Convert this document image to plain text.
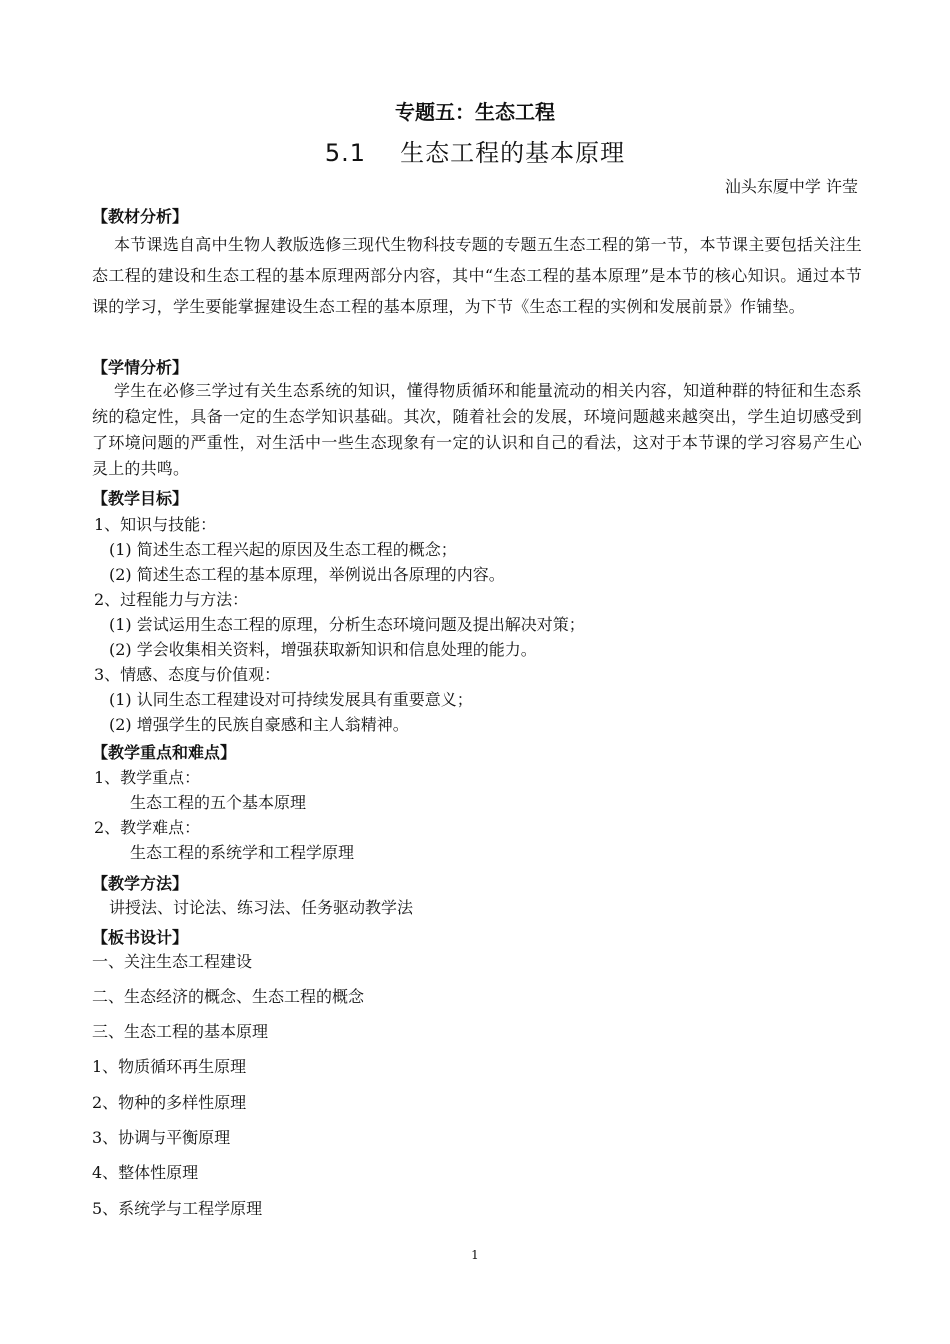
专题五：生态工程
5.1 生态工程的基本原理
汕头东厦中学 许莹
【教材分析】
本节课选自高中生物人教版选修三现代生物科技专题的专题五生态工程的第一节，本节课主要包括关注生态工程的建设和生态工程的基本原理两部分内容，其中“生态工程的基本原理”是本节的核心知识。通过本节课的学习，学生要能掌握建设生态工程的基本原理，为下节《生态工程的实例和发展前景》作铺垫。
【学情分析】
学生在必修三学过有关生态系统的知识，懂得物质循环和能量流动的相关内容，知道种群的特征和生态系统的稳定性，具备一定的生态学知识基础。其次，随着社会的发展，环境问题越来越突出，学生迫切感受到了环境问题的严重性，对生活中一些生态现象有一定的认识和自己的看法，这对于本节课的学习容易产生心灵上的共鸣。
【教学目标】
1、知识与技能：
(1) 简述生态工程兴起的原因及生态工程的概念；
(2) 简述生态工程的基本原理，举例说出各原理的内容。
2、过程能力与方法：
(1) 尝试运用生态工程的原理，分析生态环境问题及提出解决对策；
(2) 学会收集相关资料，增强获取新知识和信息处理的能力。
3、情感、态度与价值观：
(1) 认同生态工程建设对可持续发展具有重要意义；
(2) 增强学生的民族自豪感和主人翁精神。
【教学重点和难点】
1、教学重点：
生态工程的五个基本原理
2、教学难点：
生态工程的系统学和工程学原理
【教学方法】
讲授法、讨论法、练习法、任务驱动教学法
【板书设计】
一、关注生态工程建设
二、生态经济的概念、生态工程的概念
三、生态工程的基本原理
1、物质循环再生原理
2、物种的多样性原理
3、协调与平衡原理
4、整体性原理
5、系统学与工程学原理
1
